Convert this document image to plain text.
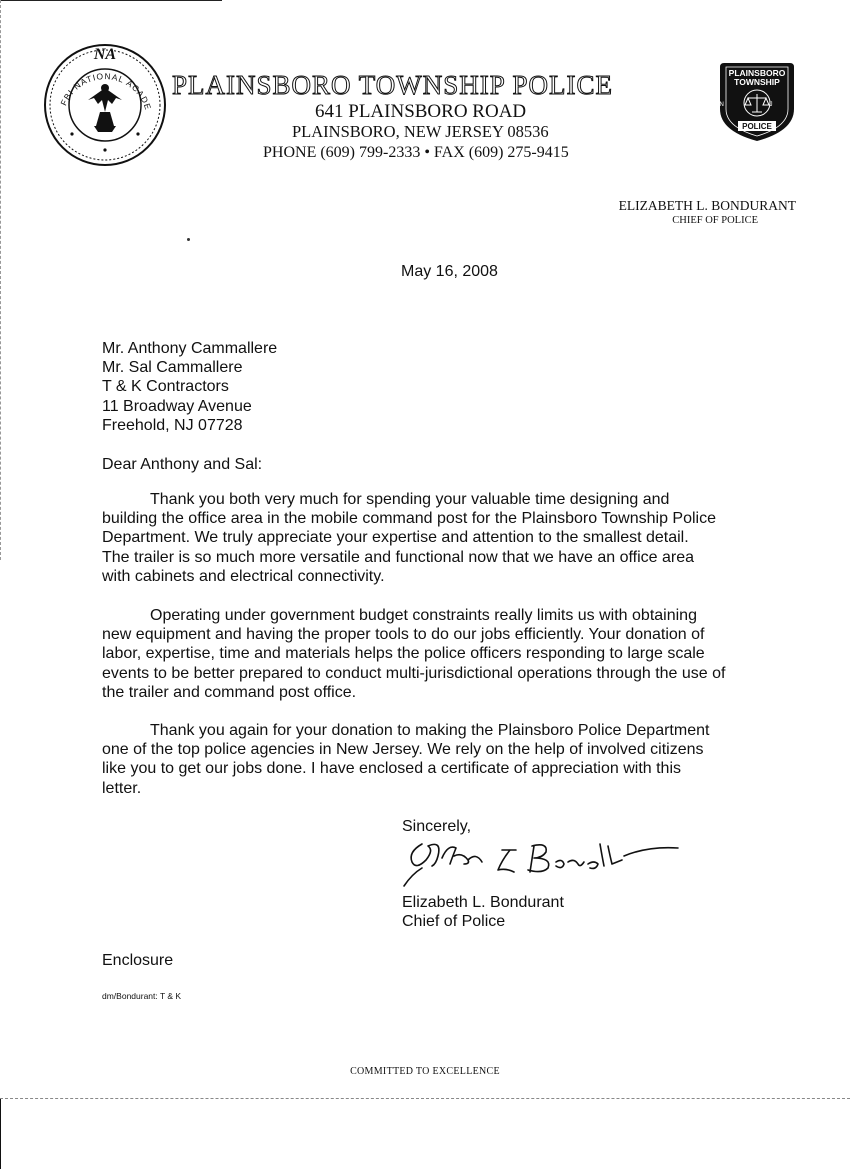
FBI NATIONAL ACADE
NA
PLAINSBORO
TOWNSHIP
N J
POLICE
PLAINSBORO TOWNSHIP POLICE
641 PLAINSBORO ROAD
PLAINSBORO, NEW JERSEY 08536
PHONE (609) 799-2333 • FAX (609) 275-9415
ELIZABETH L. BONDURANT
CHIEF OF POLICE
May 16, 2008
Mr. Anthony Cammallere
Mr. Sal Cammallere
T & K Contractors
11 Broadway Avenue
Freehold, NJ 07728
Dear Anthony and Sal:
Thank you both very much for spending your valuable time designing and
building the office area in the mobile command post for the Plainsboro Township Police
Department. We truly appreciate your expertise and attention to the smallest detail.
The trailer is so much more versatile and functional now that we have an office area
with cabinets and electrical connectivity.
Operating under government budget constraints really limits us with obtaining
new equipment and having the proper tools to do our jobs efficiently. Your donation of
labor, expertise, time and materials helps the police officers responding to large scale
events to be better prepared to conduct multi-jurisdictional operations through the use of
the trailer and command post office.
Thank you again for your donation to making the Plainsboro Police Department
one of the top police agencies in New Jersey. We rely on the help of involved citizens
like you to get our jobs done. I have enclosed a certificate of appreciation with this
letter.
Sincerely,
Elizabeth L. Bondurant
Chief of Police
Enclosure
dm/Bondurant: T & K
COMMITTED TO EXCELLENCE
